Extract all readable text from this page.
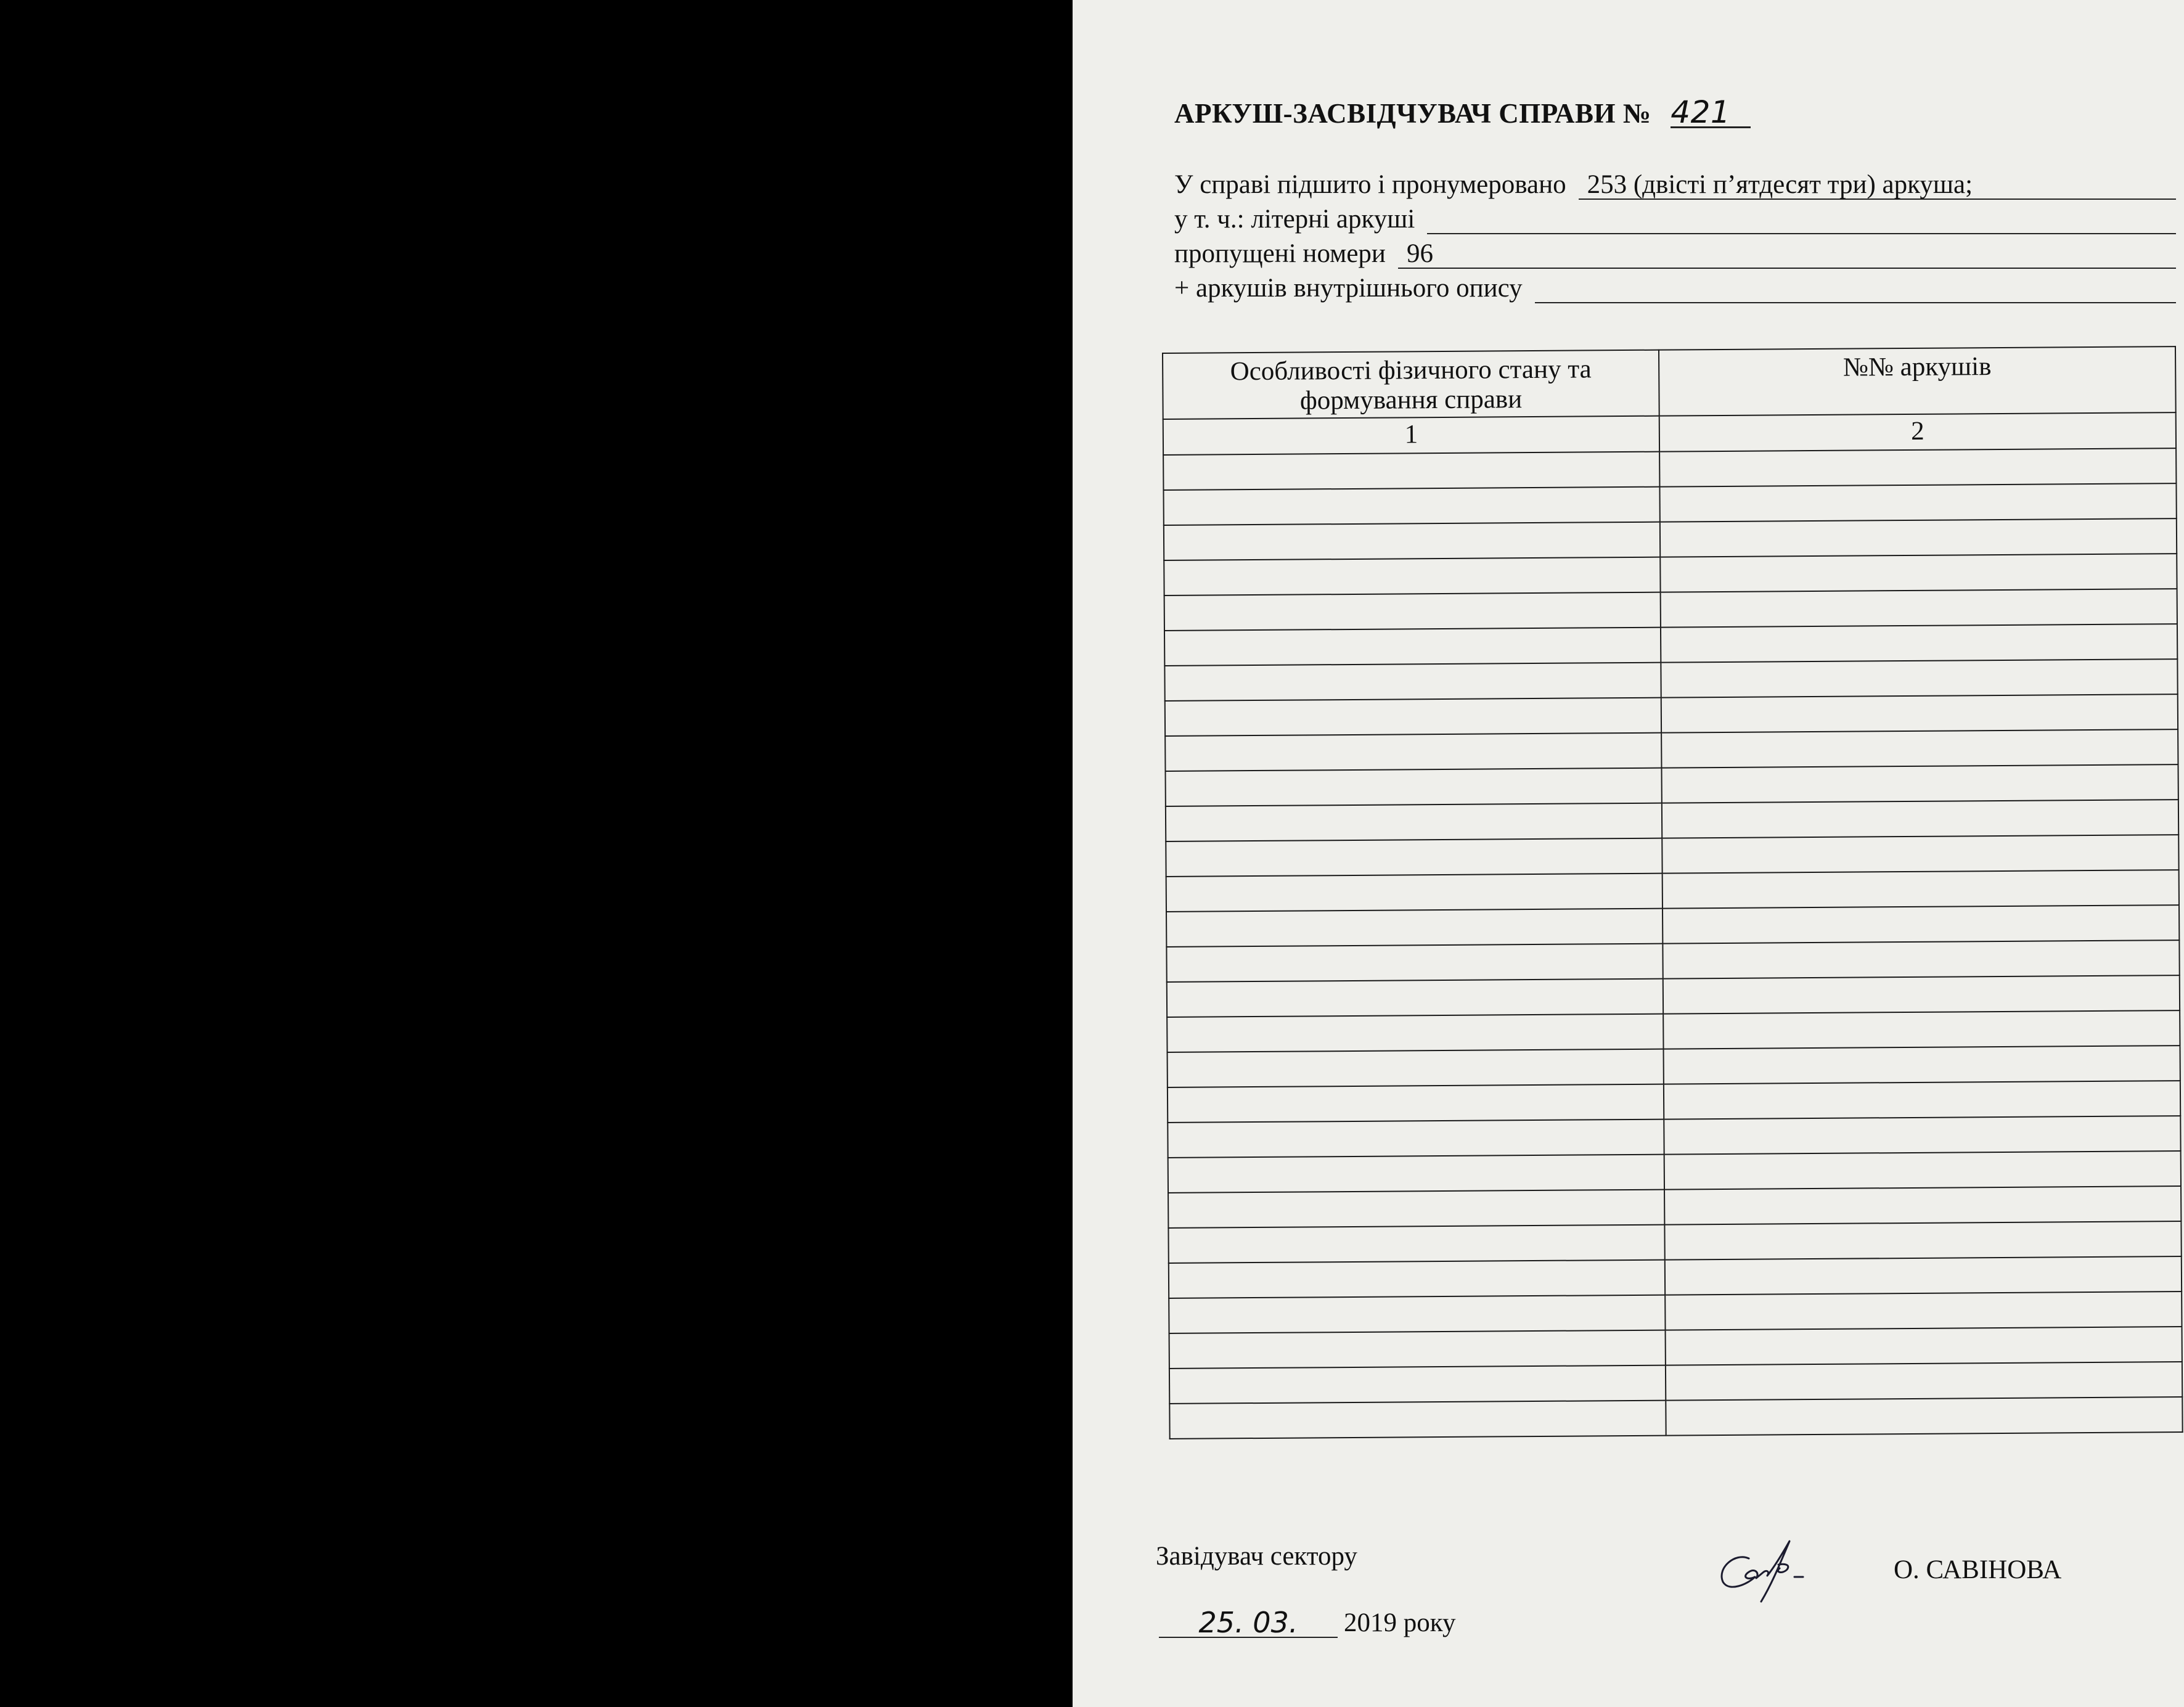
АРКУШ-ЗАСВІДЧУВАЧ СПРАВИ № 421
У справі підшито і пронумеровано 253 (двісті п’ятдесят три) аркуша;
у т. ч.: літерні аркуші
пропущені номери 96
+ аркушів внутрішнього опису
Особливості фізичного стану та формування справи	№№ аркушів
1	2

Завідувач сектору	О. САВІНОВА
25. 03.	2019 року
